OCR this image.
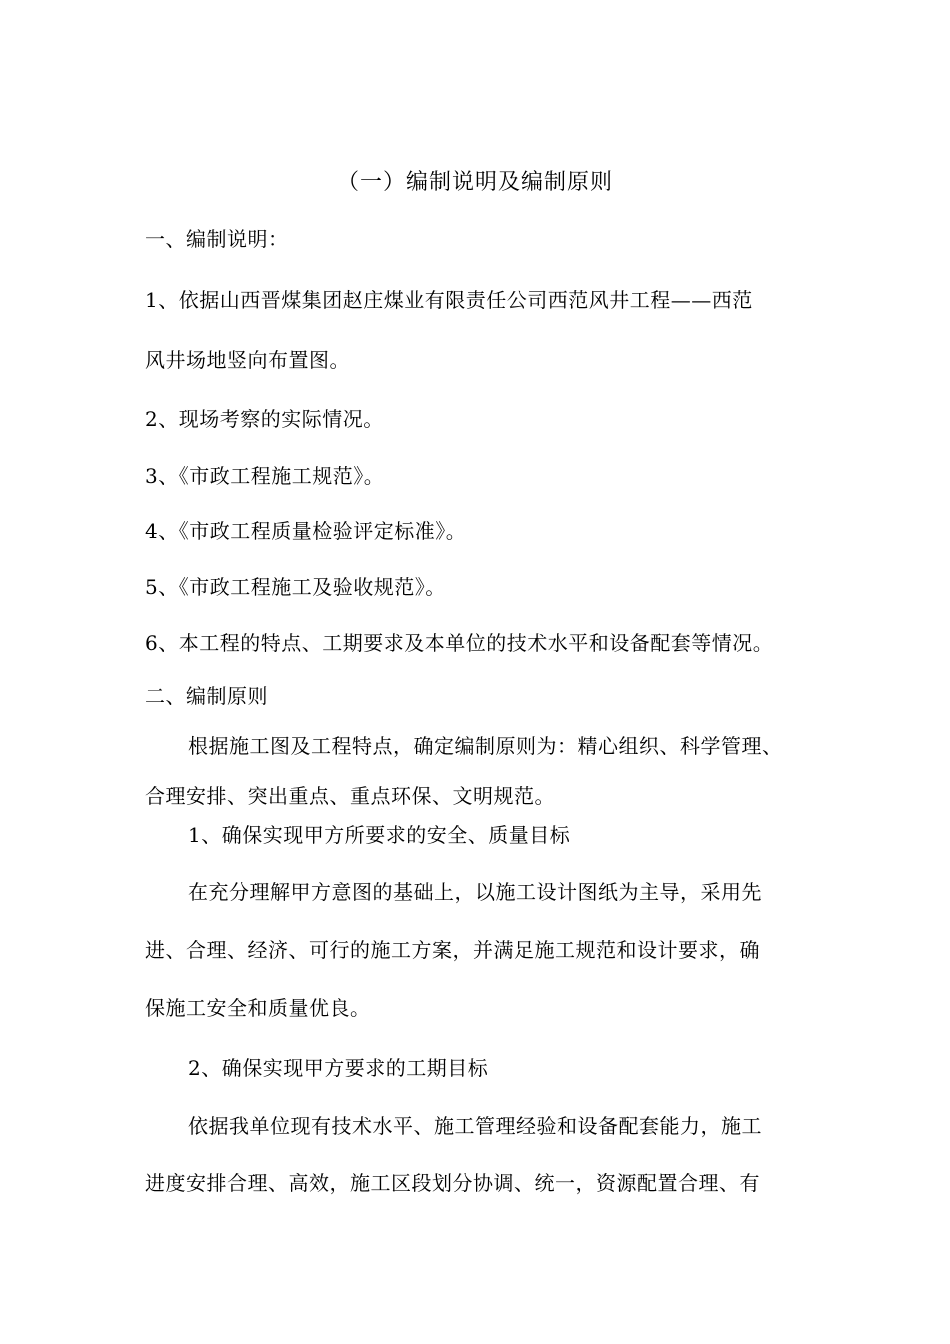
（一）编制说明及编制原则
一、编制说明：
1、依据山西晋煤集团赵庄煤业有限责任公司西范风井工程——西范
风井场地竖向布置图。
2、现场考察的实际情况。
3、《市政工程施工规范》。
4、《市政工程质量检验评定标准》。
5、《市政工程施工及验收规范》。
6、本工程的特点、工期要求及本单位的技术水平和设备配套等情况。
二、编制原则
根据施工图及工程特点，确定编制原则为：精心组织、科学管理、
合理安排、突出重点、重点环保、文明规范。
1、确保实现甲方所要求的安全、质量目标
在充分理解甲方意图的基础上，以施工设计图纸为主导，采用先
进、合理、经济、可行的施工方案，并满足施工规范和设计要求，确
保施工安全和质量优良。
2、确保实现甲方要求的工期目标
依据我单位现有技术水平、施工管理经验和设备配套能力，施工
进度安排合理、高效，施工区段划分协调、统一，资源配置合理、有
